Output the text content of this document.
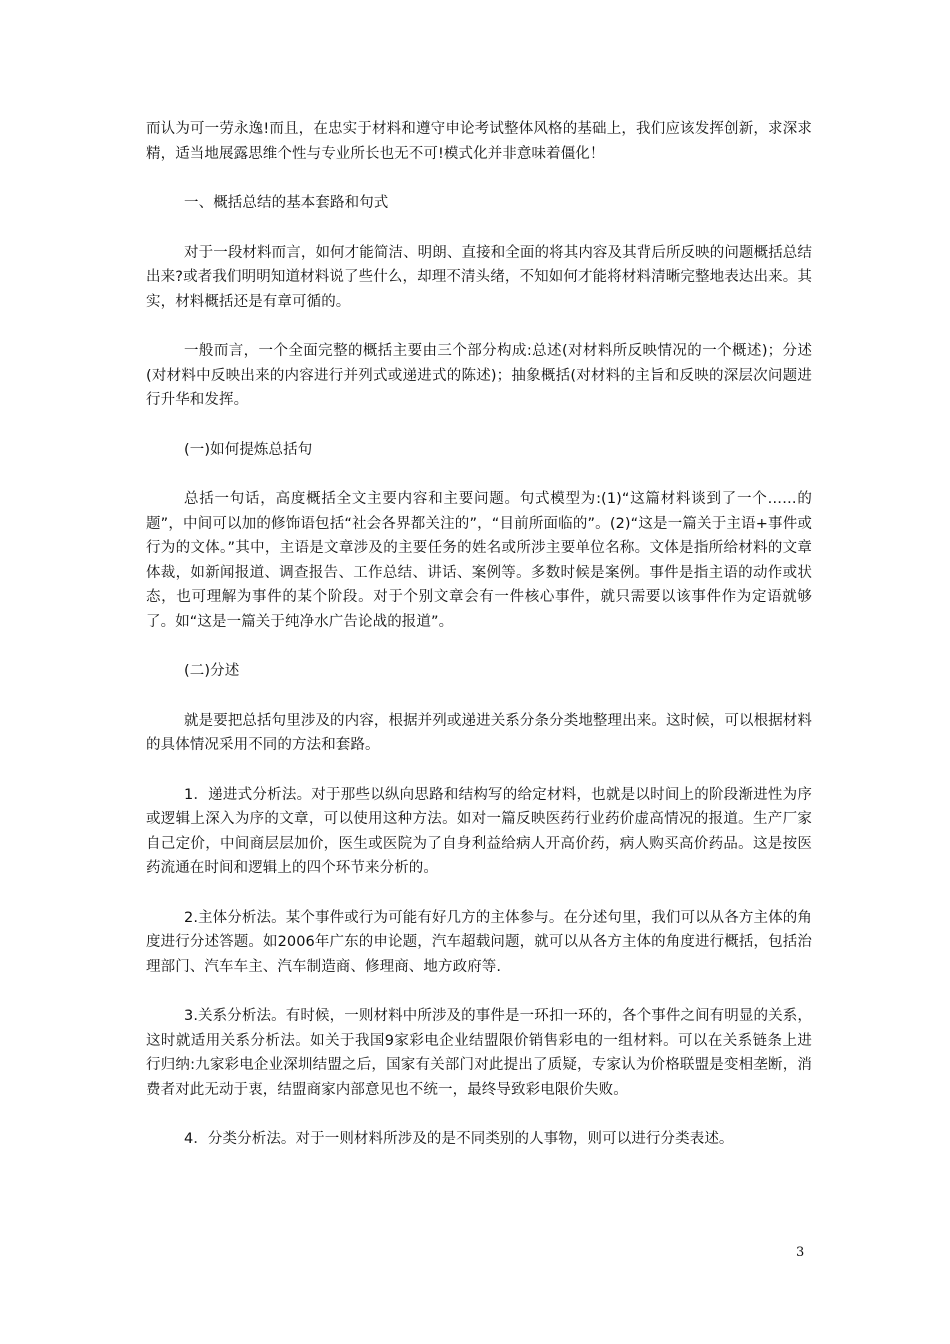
而认为可一劳永逸!而且，在忠实于材料和遵守申论考试整体风格的基础上，我们应该发挥创新，求深求精，适当地展露思维个性与专业所长也无不可!模式化并非意味着僵化！

一、概括总结的基本套路和句式

对于一段材料而言，如何才能简洁、明朗、直接和全面的将其内容及其背后所反映的问题概括总结出来?或者我们明明知道材料说了些什么，却理不清头绪，不知如何才能将材料清晰完整地表达出来。其实，材料概括还是有章可循的。

一般而言，一个全面完整的概括主要由三个部分构成:总述(对材料所反映情况的一个概述)；分述(对材料中反映出来的内容进行并列式或递进式的陈述)；抽象概括(对材料的主旨和反映的深层次问题进行升华和发挥。

(一)如何提炼总括句

总括一句话，高度概括全文主要内容和主要问题。句式模型为:(1)“这篇材料谈到了一个……的题”，中间可以加的修饰语包括“社会各界都关注的”，“目前所面临的”。(2)“这是一篇关于主语+事件或行为的文体。”其中，主语是文章涉及的主要任务的姓名或所涉主要单位名称。文体是指所给材料的文章体裁，如新闻报道、调查报告、工作总结、讲话、案例等。多数时候是案例。事件是指主语的动作或状态，也可理解为事件的某个阶段。对于个别文章会有一件核心事件，就只需要以该事件作为定语就够了。如“这是一篇关于纯净水广告论战的报道”。

(二)分述

就是要把总括句里涉及的内容，根据并列或递进关系分条分类地整理出来。这时候，可以根据材料的具体情况采用不同的方法和套路。

1．递进式分析法。对于那些以纵向思路和结构写的给定材料，也就是以时间上的阶段渐进性为序或逻辑上深入为序的文章，可以使用这种方法。如对一篇反映医药行业药价虚高情况的报道。生产厂家自己定价，中间商层层加价，医生或医院为了自身利益给病人开高价药，病人购买高价药品。这是按医药流通在时间和逻辑上的四个环节来分析的。

2.主体分析法。某个事件或行为可能有好几方的主体参与。在分述句里，我们可以从各方主体的角度进行分述答题。如2006年广东的申论题，汽车超载问题，就可以从各方主体的角度进行概括，包括治理部门、汽车车主、汽车制造商、修理商、地方政府等.

3.关系分析法。有时候，一则材料中所涉及的事件是一环扣一环的，各个事件之间有明显的关系，这时就适用关系分析法。如关于我国9家彩电企业结盟限价销售彩电的一组材料。可以在关系链条上进行归纳:九家彩电企业深圳结盟之后，国家有关部门对此提出了质疑，专家认为价格联盟是变相垄断，消费者对此无动于衷，结盟商家内部意见也不统一，最终导致彩电限价失败。

4．分类分析法。对于一则材料所涉及的是不同类别的人事物，则可以进行分类表述。

3
